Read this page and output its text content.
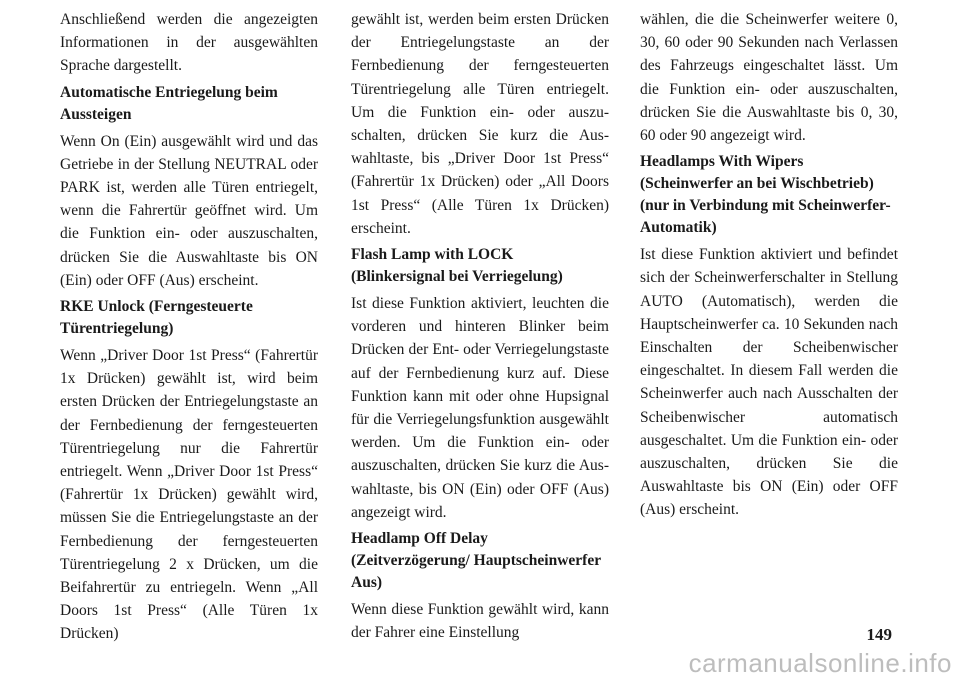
Anschließend werden die angezeigten Informationen in der ausgewählten Sprache dargestellt.

Automatische Entriegelung beim Aussteigen

Wenn On (Ein) ausgewählt wird und das Getriebe in der Stellung NEUTRAL oder PARK ist, werden alle Türen entriegelt, wenn die Fahrertür geöffnet wird. Um die Funktion ein- oder auszuschalten, drücken Sie die Auswahltaste bis ON (Ein) oder OFF (Aus) erscheint.

RKE Unlock (Ferngesteuerte Türentriegelung)

Wenn „Driver Door 1st Press“ (Fahrertür 1x Drücken) gewählt ist, wird beim ersten Drücken der Entriegelungstaste an der Fernbedienung der ferngesteuerten Türentriegelung nur die Fahrertür entriegelt. Wenn „Driver Door 1st Press“ (Fahrertür 1x Drücken) gewählt wird, müssen Sie die Entriegelungstaste an der Fernbedienung der ferngesteuerten Türentriegelung 2 x Drücken, um die Beifahrertür zu entriegeln. Wenn „All Doors 1st Press“ (Alle Türen 1x Drücken)

gewählt ist, werden beim ersten Drücken der Entriegelungstaste an der Fernbedienung der ferngesteuerten Türentriegelung alle Türen entriegelt. Um die Funktion ein- oder auszuschalten, drücken Sie kurz die Auswahltaste, bis „Driver Door 1st Press“ (Fahrertür 1x Drücken) oder „All Doors 1st Press“ (Alle Türen 1x Drücken) erscheint.

Flash Lamp with LOCK (Blinkersignal bei Verriegelung)

Ist diese Funktion aktiviert, leuchten die vorderen und hinteren Blinker beim Drücken der Ent- oder Verriegelungstaste auf der Fernbedienung kurz auf. Diese Funktion kann mit oder ohne Hupsignal für die Verriegelungsfunktion ausgewählt werden. Um die Funktion ein- oder auszuschalten, drücken Sie kurz die Auswahltaste, bis ON (Ein) oder OFF (Aus) angezeigt wird.

Headlamp Off Delay (Zeitverzögerung/ Hauptscheinwerfer Aus)

Wenn diese Funktion gewählt wird, kann der Fahrer eine Einstellung

wählen, die die Scheinwerfer weitere 0, 30, 60 oder 90 Sekunden nach Verlassen des Fahrzeugs eingeschaltet lässt. Um die Funktion ein- oder auszuschalten, drücken Sie die Auswahltaste bis 0, 30, 60 oder 90 angezeigt wird.

Headlamps With Wipers (Scheinwerfer an bei Wischbetrieb) (nur in Verbindung mit Scheinwerfer-Automatik)

Ist diese Funktion aktiviert und befindet sich der Scheinwerferschalter in Stellung AUTO (Automatisch), werden die Hauptscheinwerfer ca. 10 Sekunden nach Einschalten der Scheibenwischer eingeschaltet. In diesem Fall werden die Scheinwerfer auch nach Ausschalten der Scheibenwischer automatisch ausgeschaltet. Um die Funktion ein- oder auszuschalten, drücken Sie die Auswahltaste bis ON (Ein) oder OFF (Aus) erscheint.

149
carmanualsonline.info
